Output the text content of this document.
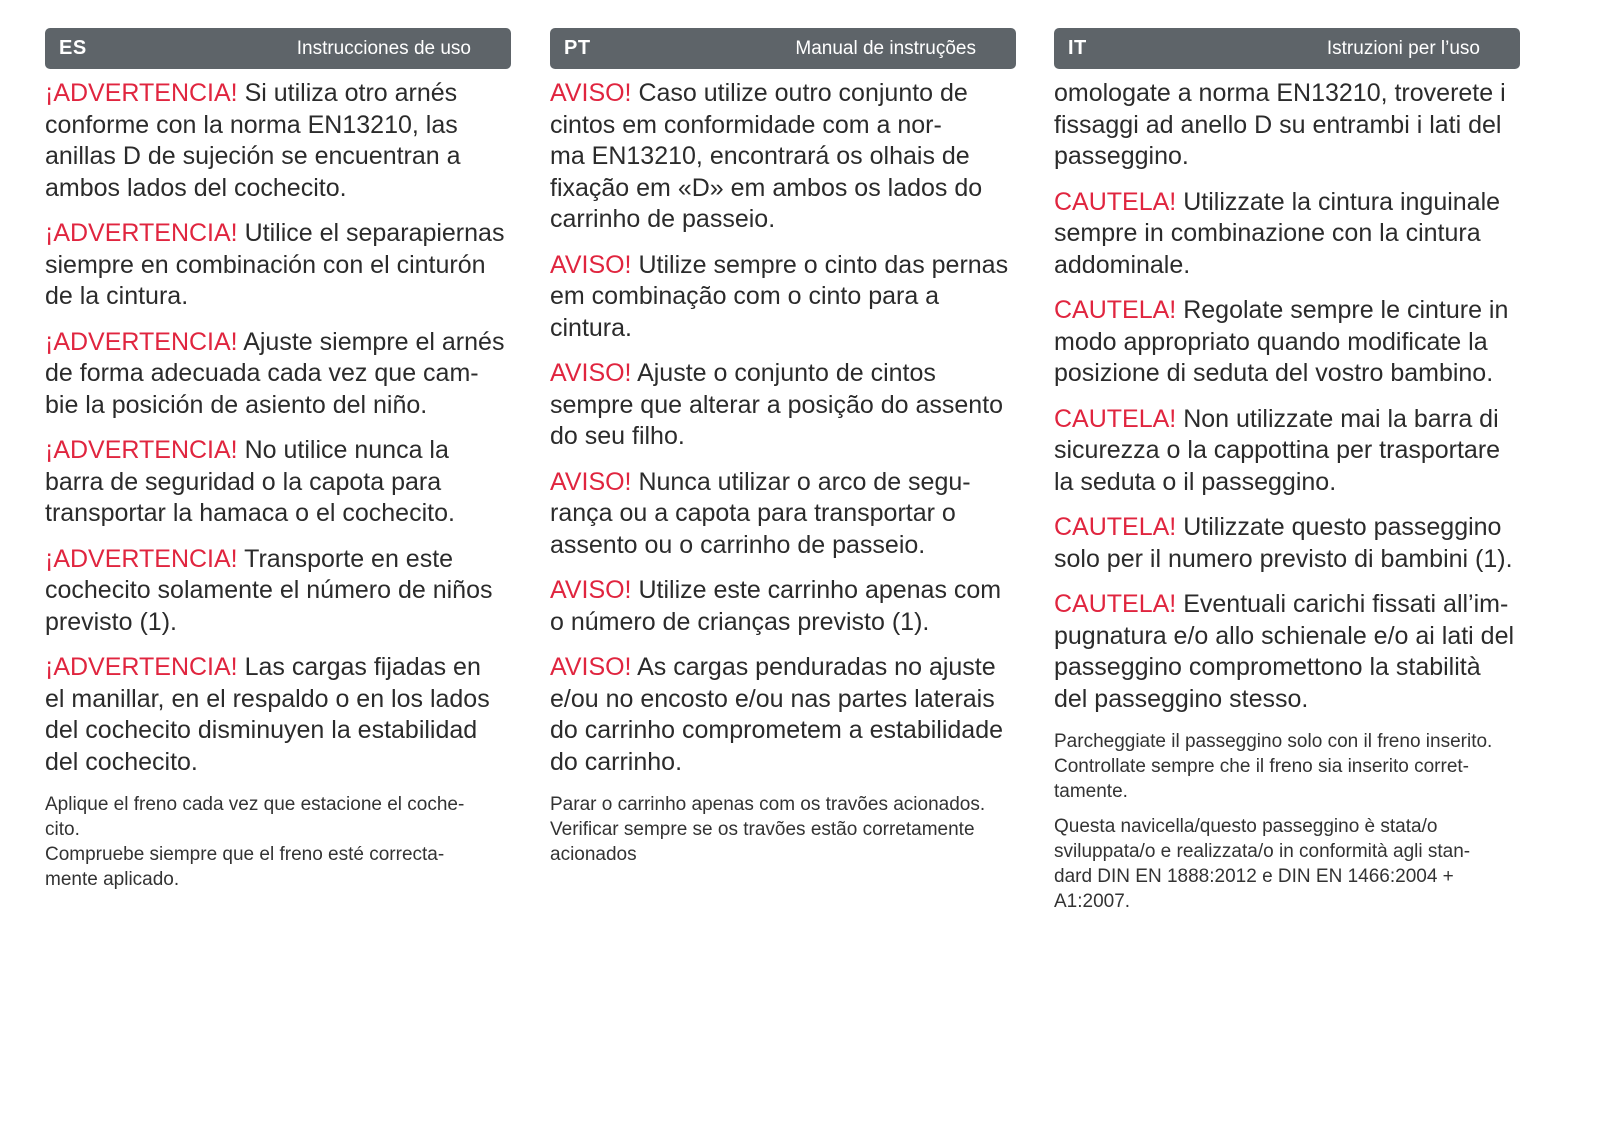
ES	Instrucciones de uso

¡ADVERTENCIA! Si utiliza otro arnés
conforme con la norma EN13210, las
anillas D de sujeción se encuentran a
ambos lados del cochecito.

¡ADVERTENCIA! Utilice el separapiernas
siempre en combinación con el cinturón
de la cintura.

¡ADVERTENCIA! Ajuste siempre el arnés
de forma adecuada cada vez que cam-
bie la posición de asiento del niño.

¡ADVERTENCIA! No utilice nunca la
barra de seguridad o la capota para
transportar la hamaca o el cochecito.

¡ADVERTENCIA! Transporte en este
cochecito solamente el número de niños
previsto (1).

¡ADVERTENCIA! Las cargas fijadas en
el manillar, en el respaldo o en los lados
del cochecito disminuyen la estabilidad
del cochecito.

Aplique el freno cada vez que estacione el coche-
cito.
Compruebe siempre que el freno esté correcta-
mente aplicado.

PT	Manual de instruções

AVISO! Caso utilize outro conjunto de
cintos em conformidade com a nor-
ma EN13210, encontrará os olhais de
fixação em «D» em ambos os lados do
carrinho de passeio.

AVISO! Utilize sempre o cinto das pernas
em combinação com o cinto para a
cintura.

AVISO! Ajuste o conjunto de cintos
sempre que alterar a posição do assento
do seu filho.

AVISO! Nunca utilizar o arco de segu-
rança ou a capota para transportar o
assento ou o carrinho de passeio.

AVISO! Utilize este carrinho apenas com
o número de crianças previsto (1).

AVISO! As cargas penduradas no ajuste
e/ou no encosto e/ou nas partes laterais
do carrinho comprometem a estabilidade
do carrinho.

Parar o carrinho apenas com os travões acionados.
Verificar sempre se os travões estão corretamente
acionados

IT	Istruzioni per l’uso

omologate a norma EN13210, troverete i
fissaggi ad anello D su entrambi i lati del
passeggino.

CAUTELA! Utilizzate la cintura inguinale
sempre in combinazione con la cintura
addominale.

CAUTELA! Regolate sempre le cinture in
modo appropriato quando modificate la
posizione di seduta del vostro bambino.

CAUTELA! Non utilizzate mai la barra di
sicurezza o la cappottina per trasportare
la seduta o il passeggino.

CAUTELA! Utilizzate questo passeggino
solo per il numero previsto di bambini (1).

CAUTELA! Eventuali carichi fissati all’im-
pugnatura e/o allo schienale e/o ai lati del
passeggino compromettono la stabilità
del passeggino stesso.

Parcheggiate il passeggino solo con il freno inserito.
Controllate sempre che il freno sia inserito corret-
tamente.

Questa navicella/questo passeggino è stata/o
sviluppata/o e realizzata/o in conformità agli stan-
dard DIN EN 1888:2012 e DIN EN 1466:2004 +
A1:2007.
